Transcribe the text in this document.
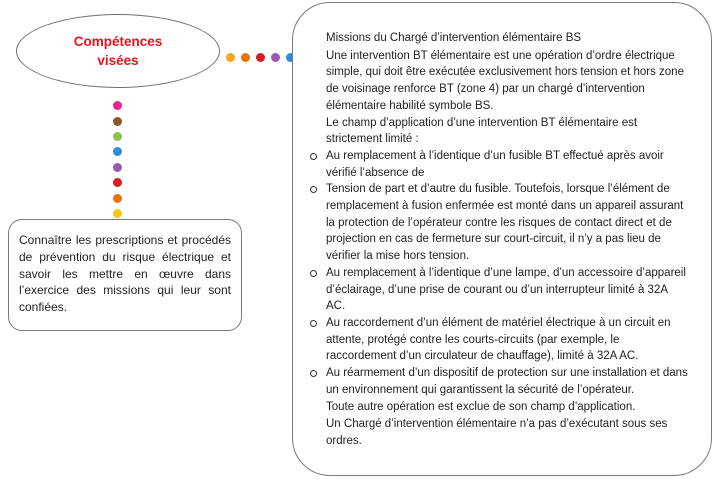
Compétences
visées
Connaître les prescriptions et procédés de prévention du risque électrique et savoir les mettre en œuvre dans l’exercice des missions qui leur sont confiées.

Missions du Chargé d’intervention élémentaire BS

Une intervention BT élémentaire est une opération d’ordre électrique simple, qui doit être exécutée exclusivement hors tension et hors zone de voisinage renforce BT (zone 4) par un chargé d’intervention élémentaire habilité symbole BS.

Le champ d’application d’une intervention BT élémentaire est strictement limité :

Au remplacement à l’identique d’un fusible BT effectué après avoir vérifié l’absence de
Tension de part et d’autre du fusible. Toutefois, lorsque l’élément de remplacement à fusion enfermée est monté dans un appareil assurant la protection de l’opérateur contre les risques de contact direct et de projection en cas de fermeture sur court-circuit, il n’y a pas lieu de vérifier la mise hors tension.
Au remplacement à l’identique d’une lampe, d’un accessoire d’appareil d’éclairage, d’une prise de courant ou d’un interrupteur limité à 32A AC.
Au raccordement d’un élément de matériel électrique à un circuit en attente, protégé contre les courts-circuits (par exemple, le raccordement d’un circulateur de chauffage), limité à 32A AC.
Au réarmement d’un dispositif de protection sur une installation et dans un environnement qui garantissent la sécurité de l’opérateur.

Toute autre opération est exclue de son champ d’application.

Un Chargé d’intervention élémentaire n’a pas d’exécutant sous ses ordres.
